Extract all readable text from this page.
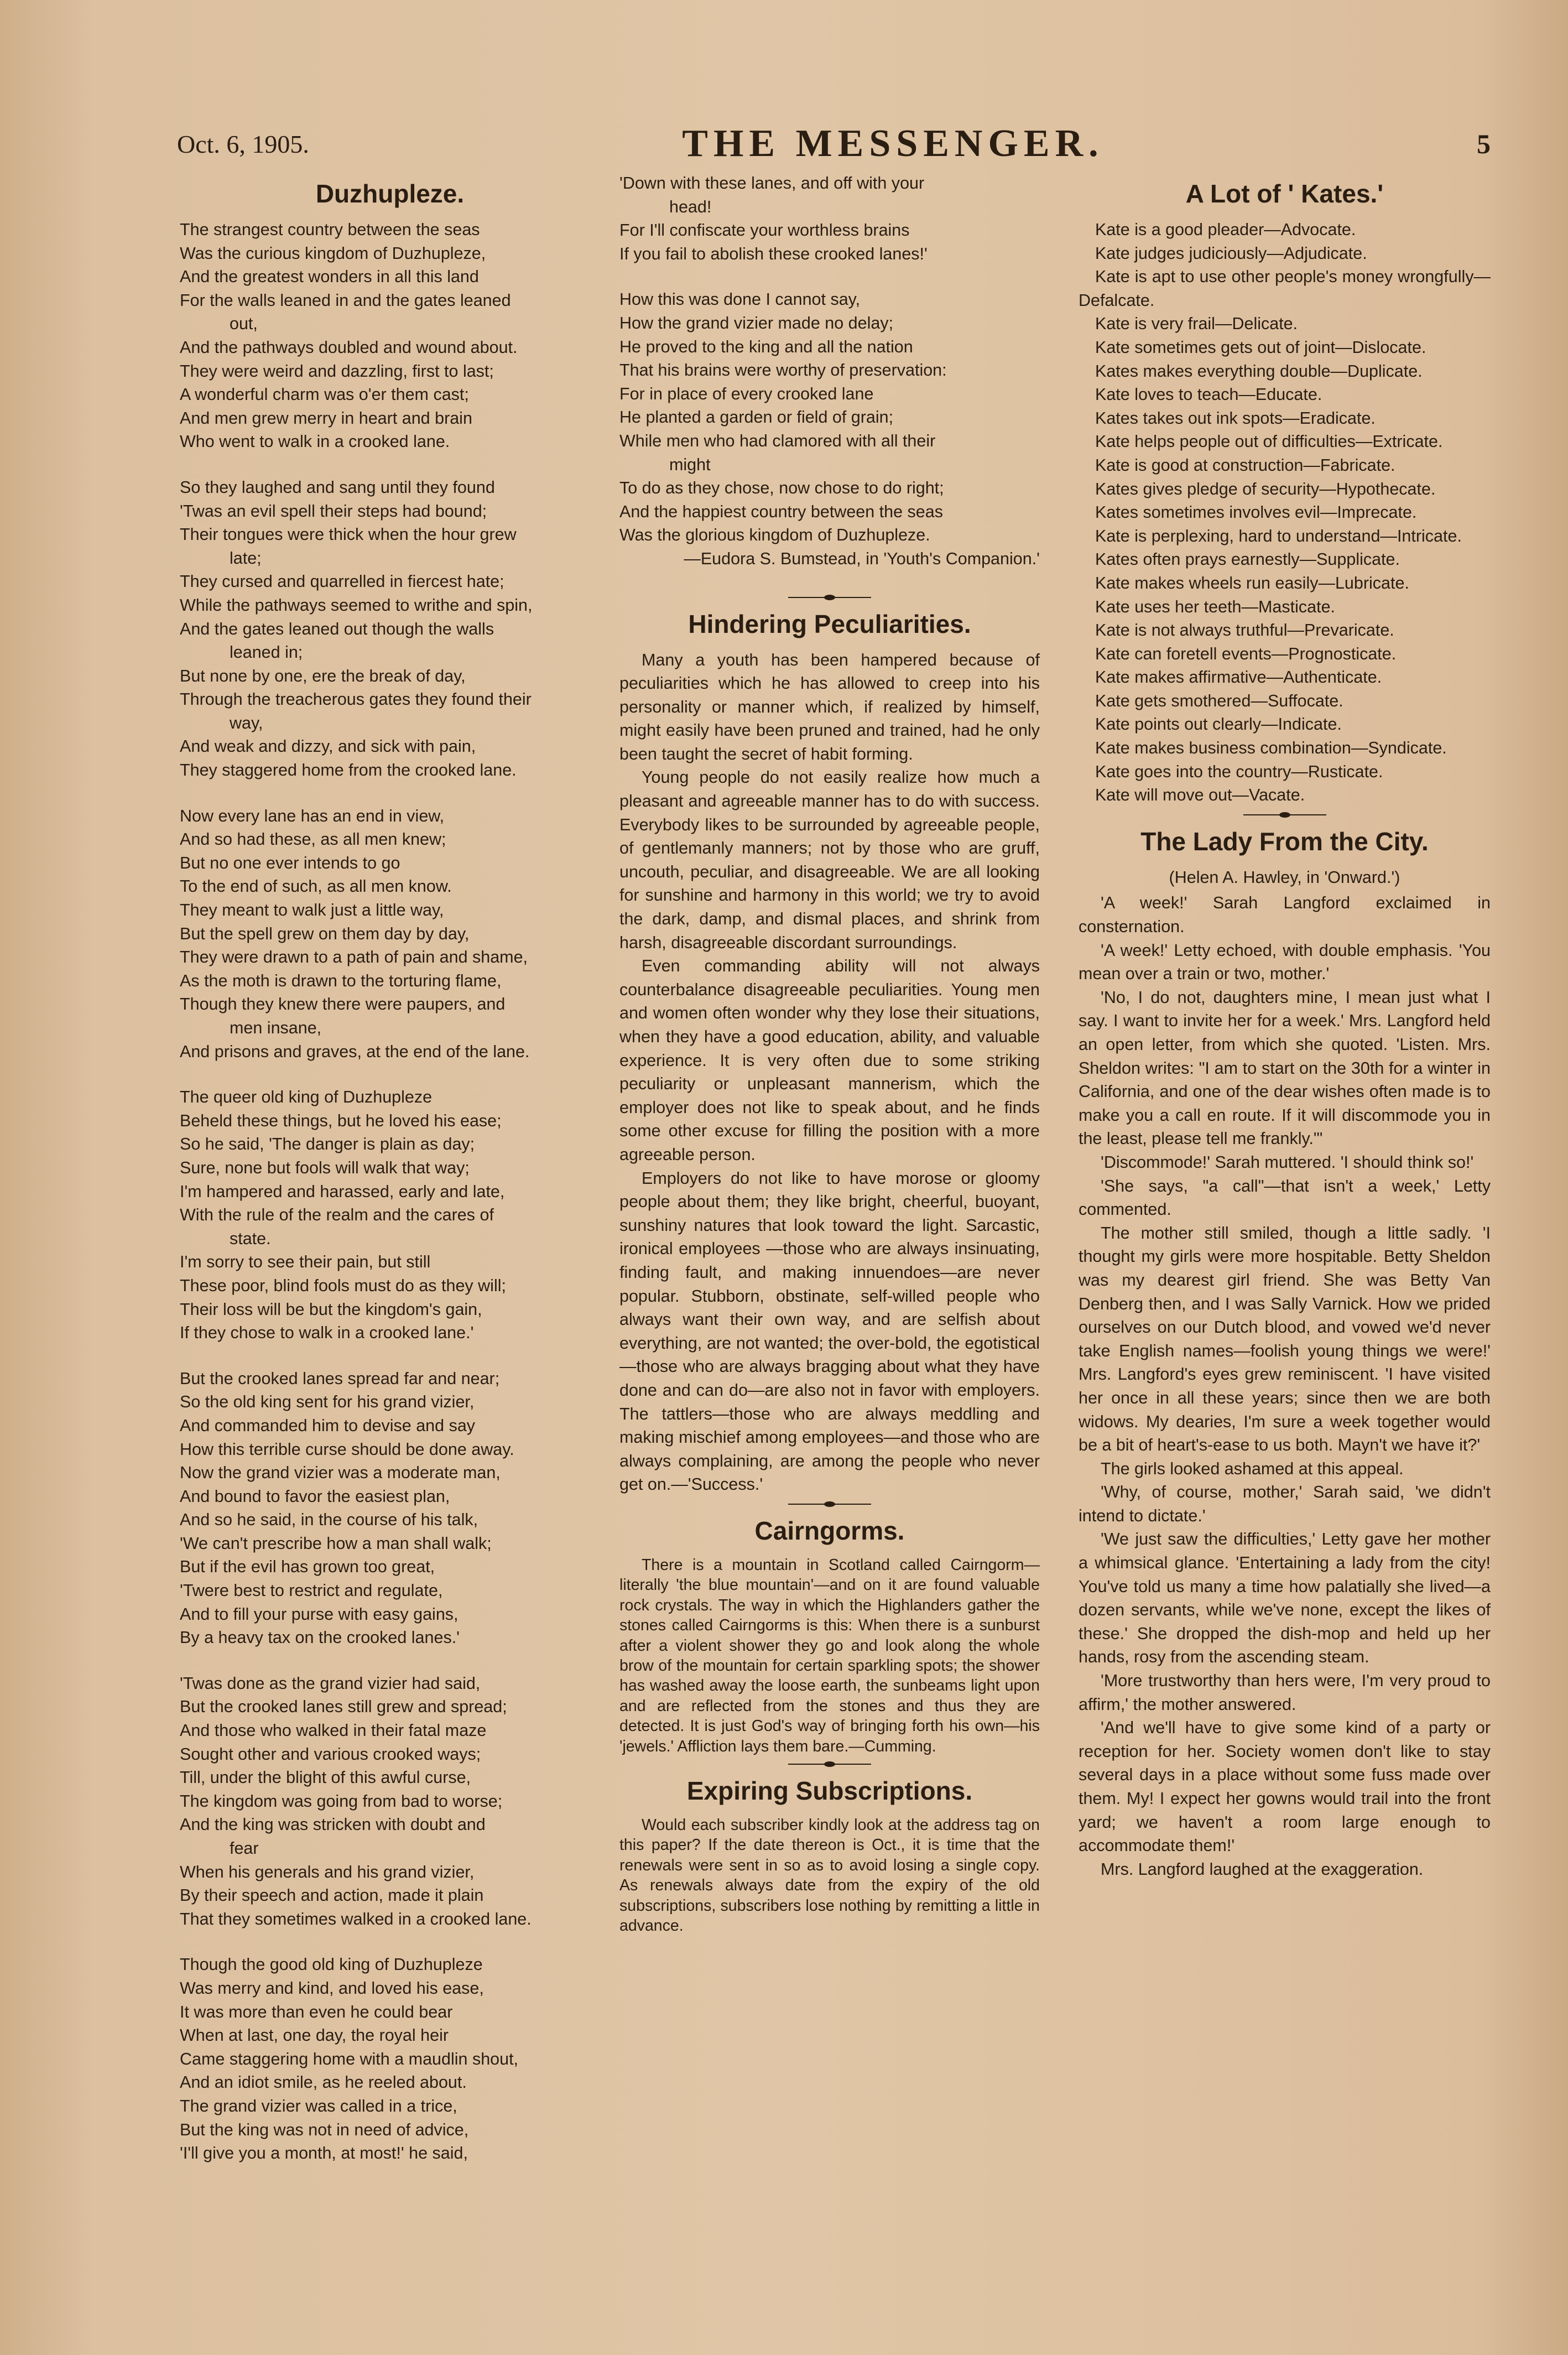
Oct. 6, 1905.	THE MESSENGER.	5
Duzhupleze.

The strangest country between the seas

Was the curious kingdom of Duzhupleze,

And the greatest wonders in all this land

For the walls leaned in and the gates leaned

out,

And the pathways doubled and wound about.

They were weird and dazzling, first to last;

A wonderful charm was o'er them cast;

And men grew merry in heart and brain

Who went to walk in a crooked lane.

So they laughed and sang until they found

'Twas an evil spell their steps had bound;

Their tongues were thick when the hour grew

late;

They cursed and quarrelled in fiercest hate;

While the pathways seemed to writhe and spin,

And the gates leaned out though the walls

leaned in;

But none by one, ere the break of day,

Through the treacherous gates they found their

way,

And weak and dizzy, and sick with pain,

They staggered home from the crooked lane.

Now every lane has an end in view,

And so had these, as all men knew;

But no one ever intends to go

To the end of such, as all men know.

They meant to walk just a little way,

But the spell grew on them day by day,

They were drawn to a path of pain and shame,

As the moth is drawn to the torturing flame,

Though they knew there were paupers, and

men insane,

And prisons and graves, at the end of the lane.

The queer old king of Duzhupleze

Beheld these things, but he loved his ease;

So he said, 'The danger is plain as day;

Sure, none but fools will walk that way;

I'm hampered and harassed, early and late,

With the rule of the realm and the cares of

state.

I'm sorry to see their pain, but still

These poor, blind fools must do as they will;

Their loss will be but the kingdom's gain,

If they chose to walk in a crooked lane.'

But the crooked lanes spread far and near;

So the old king sent for his grand vizier,

And commanded him to devise and say

How this terrible curse should be done away.

Now the grand vizier was a moderate man,

And bound to favor the easiest plan,

And so he said, in the course of his talk,

'We can't prescribe how a man shall walk;

But if the evil has grown too great,

'Twere best to restrict and regulate,

And to fill your purse with easy gains,

By a heavy tax on the crooked lanes.'

'Twas done as the grand vizier had said,

But the crooked lanes still grew and spread;

And those who walked in their fatal maze

Sought other and various crooked ways;

Till, under the blight of this awful curse,

The kingdom was going from bad to worse;

And the king was stricken with doubt and

fear

When his generals and his grand vizier,

By their speech and action, made it plain

That they sometimes walked in a crooked lane.

Though the good old king of Duzhupleze

Was merry and kind, and loved his ease,

It was more than even he could bear

When at last, one day, the royal heir

Came staggering home with a maudlin shout,

And an idiot smile, as he reeled about.

The grand vizier was called in a trice,

But the king was not in need of advice,

'I'll give you a month, at most!' he said,

'Down with these lanes, and off with your

head!

For I'll confiscate your worthless brains

If you fail to abolish these crooked lanes!'

How this was done I cannot say,

How the grand vizier made no delay;

He proved to the king and all the nation

That his brains were worthy of preservation:

For in place of every crooked lane

He planted a garden or field of grain;

While men who had clamored with all their

might

To do as they chose, now chose to do right;

And the happiest country between the seas

Was the glorious kingdom of Duzhupleze.

—Eudora S. Bumstead, in 'Youth's Companion.'

Hindering Peculiarities.

Many a youth has been hampered because of peculiarities which he has allowed to creep into his personality or manner which, if realized by himself, might easily have been pruned and trained, had he only been taught the secret of habit forming.

Young people do not easily realize how much a pleasant and agreeable manner has to do with success. Everybody likes to be surrounded by agreeable people, of gentlemanly manners; not by those who are gruff, uncouth, peculiar, and disagreeable. We are all looking for sunshine and harmony in this world; we try to avoid the dark, damp, and dismal places, and shrink from harsh, disagreeable discordant surroundings.

Even commanding ability will not always counterbalance disagreeable peculiarities. Young men and women often wonder why they lose their situations, when they have a good education, ability, and valuable experience. It is very often due to some striking peculiarity or unpleasant mannerism, which the employer does not like to speak about, and he finds some other excuse for filling the position with a more agreeable person.

Employers do not like to have morose or gloomy people about them; they like bright, cheerful, buoyant, sunshiny natures that look toward the light. Sarcastic, ironical employees —those who are always insinuating, finding fault, and making innuendoes—are never popular. Stubborn, obstinate, self-willed people who always want their own way, and are selfish about everything, are not wanted; the over-bold, the egotistical—those who are always bragging about what they have done and can do—are also not in favor with employers. The tattlers—those who are always meddling and making mischief among employees—and those who are always complaining, are among the people who never get on.—'Success.'

Cairngorms.

There is a mountain in Scotland called Cairngorm—literally 'the blue mountain'—and on it are found valuable rock crystals. The way in which the Highlanders gather the stones called Cairngorms is this: When there is a sunburst after a violent shower they go and look along the whole brow of the mountain for certain sparkling spots; the shower has washed away the loose earth, the sunbeams light upon and are reflected from the stones and thus they are detected. It is just God's way of bringing forth his own—his 'jewels.' Affliction lays them bare.—Cumming.

Expiring Subscriptions.

Would each subscriber kindly look at the address tag on this paper? If the date thereon is Oct., it is time that the renewals were sent in so as to avoid losing a single copy. As renewals always date from the expiry of the old subscriptions, subscribers lose nothing by remitting a little in advance.

A Lot of ' Kates.'

Kate is a good pleader—Advocate.

Kate judges judiciously—Adjudicate.

Kate is apt to use other people's money wrongfully—Defalcate.

Kate is very frail—Delicate.

Kate sometimes gets out of joint—Dislocate.

Kates makes everything double—Duplicate.

Kate loves to teach—Educate.

Kates takes out ink spots—Eradicate.

Kate helps people out of difficulties—Extricate.

Kate is good at construction—Fabricate.

Kates gives pledge of security—Hypothecate.

Kates sometimes involves evil—Imprecate.

Kate is perplexing, hard to understand—Intricate.

Kates often prays earnestly—Supplicate.

Kate makes wheels run easily—Lubricate.

Kate uses her teeth—Masticate.

Kate is not always truthful—Prevaricate.

Kate can foretell events—Prognosticate.

Kate makes affirmative—Authenticate.

Kate gets smothered—Suffocate.

Kate points out clearly—Indicate.

Kate makes business combination—Syndicate.

Kate goes into the country—Rusticate.

Kate will move out—Vacate.

The Lady From the City.
(Helen A. Hawley, in 'Onward.')

'A week!' Sarah Langford exclaimed in consternation.

'A week!' Letty echoed, with double emphasis. 'You mean over a train or two, mother.'

'No, I do not, daughters mine, I mean just what I say. I want to invite her for a week.' Mrs. Langford held an open letter, from which she quoted. 'Listen. Mrs. Sheldon writes: "I am to start on the 30th for a winter in California, and one of the dear wishes often made is to make you a call en route. If it will discommode you in the least, please tell me frankly."'

'Discommode!' Sarah muttered. 'I should think so!'

'She says, "a call"—that isn't a week,' Letty commented.

The mother still smiled, though a little sadly. 'I thought my girls were more hospitable. Betty Sheldon was my dearest girl friend. She was Betty Van Denberg then, and I was Sally Varnick. How we prided ourselves on our Dutch blood, and vowed we'd never take English names—foolish young things we were!' Mrs. Langford's eyes grew reminiscent. 'I have visited her once in all these years; since then we are both widows. My dearies, I'm sure a week together would be a bit of heart's-ease to us both. Mayn't we have it?'

The girls looked ashamed at this appeal.

'Why, of course, mother,' Sarah said, 'we didn't intend to dictate.'

'We just saw the difficulties,' Letty gave her mother a whimsical glance. 'Entertaining a lady from the city! You've told us many a time how palatially she lived—a dozen servants, while we've none, except the likes of these.' She dropped the dish-mop and held up her hands, rosy from the ascending steam.

'More trustworthy than hers were, I'm very proud to affirm,' the mother answered.

'And we'll have to give some kind of a party or reception for her. Society women don't like to stay several days in a place without some fuss made over them. My! I expect her gowns would trail into the front yard; we haven't a room large enough to accommodate them!'

Mrs. Langford laughed at the exaggeration.
